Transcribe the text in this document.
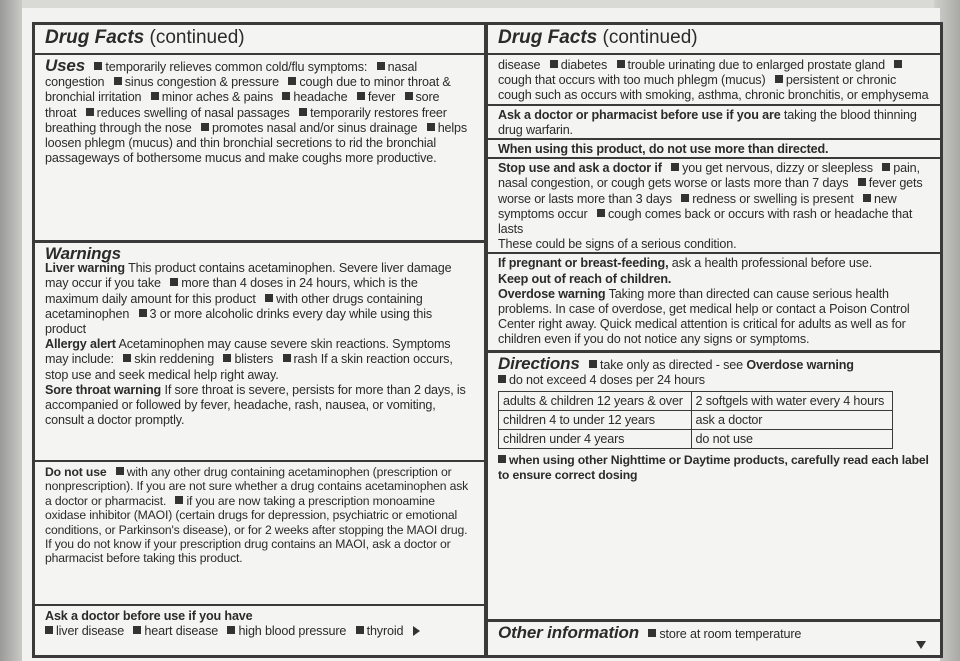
Drug Facts (continued)
Uses temporarily relieves common cold/flu symptoms: nasal congestion sinus congestion & pressure cough due to minor throat & bronchial irritation minor aches & pains headache fever sore throat reduces swelling of nasal passages temporarily restores freer breathing through the nose promotes nasal and/or sinus drainage helps loosen phlegm (mucus) and thin bronchial secretions to rid the bronchial passageways of bothersome mucus and make coughs more productive.
Warnings
Liver warning This product contains acetaminophen. Severe liver damage may occur if you take more than 4 doses in 24 hours, which is the maximum daily amount for this product with other drugs containing acetaminophen 3 or more alcoholic drinks every day while using this product
Allergy alert Acetaminophen may cause severe skin reactions. Symptoms may include: skin reddening blisters rash If a skin reaction occurs, stop use and seek medical help right away.
Sore throat warning If sore throat is severe, persists for more than 2 days, is accompanied or followed by fever, headache, rash, nausea, or vomiting, consult a doctor promptly.
Do not use with any other drug containing acetaminophen (prescription or nonprescription). If you are not sure whether a drug contains acetaminophen ask a doctor or pharmacist. if you are now taking a prescription monoamine oxidase inhibitor (MAOI) (certain drugs for depression, psychiatric or emotional conditions, or Parkinson's disease), or for 2 weeks after stopping the MAOI drug. If you do not know if your prescription drug contains an MAOI, ask a doctor or pharmacist before taking this product.
Ask a doctor before use if you have
liver disease heart disease high blood pressure thyroid
Drug Facts (continued)
disease diabetes trouble urinating due to enlarged prostate gland cough that occurs with too much phlegm (mucus) persistent or chronic cough such as occurs with smoking, asthma, chronic bronchitis, or emphysema
Ask a doctor or pharmacist before use if you are taking the blood thinning drug warfarin.
When using this product, do not use more than directed.
Stop use and ask a doctor if you get nervous, dizzy or sleepless pain, nasal congestion, or cough gets worse or lasts more than 7 days fever gets worse or lasts more than 3 days redness or swelling is present new symptoms occur cough comes back or occurs with rash or headache that lasts
These could be signs of a serious condition.
If pregnant or breast-feeding, ask a health professional before use.
Keep out of reach of children.
Overdose warning Taking more than directed can cause serious health problems. In case of overdose, get medical help or contact a Poison Control Center right away. Quick medical attention is critical for adults as well as for children even if you do not notice any signs or symptoms.
Directions take only as directed - see Overdose warning
do not exceed 4 doses per 24 hours
adults & children 12 years & over	2 softgels with water every 4 hours
children 4 to under 12 years	ask a doctor
children under 4 years	do not use
when using other Nighttime or Daytime products, carefully read each label to ensure correct dosing
Other information store at room temperature
